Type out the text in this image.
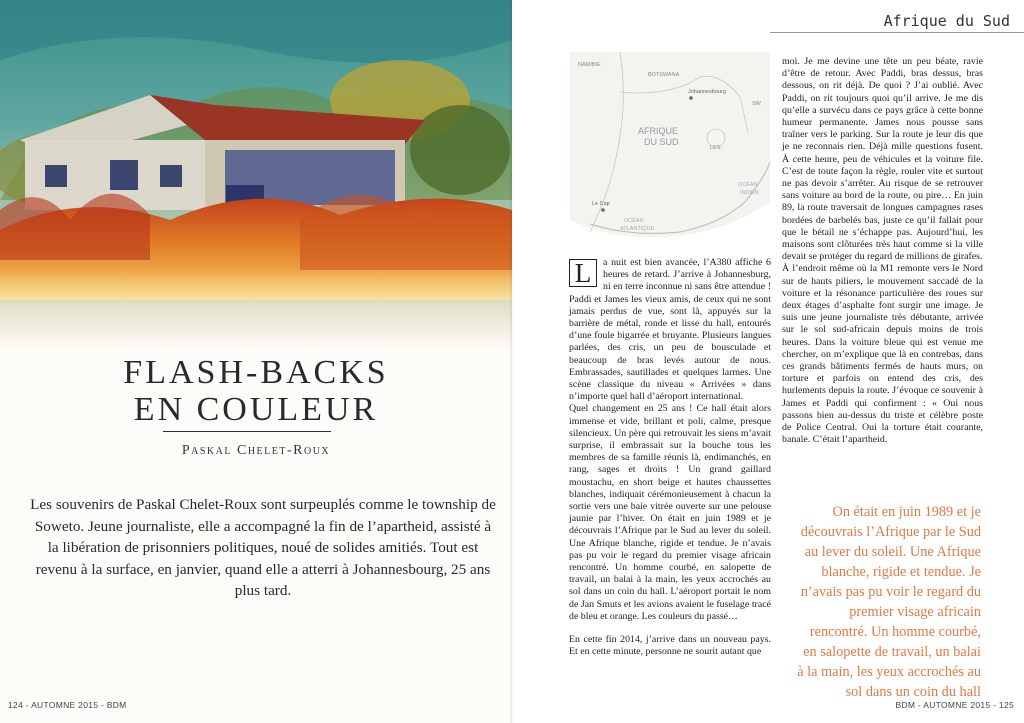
FLASH-BACKS
EN COULEUR
Paskal Chelet-Roux
Les souvenirs de Paskal Chelet-Roux sont surpeuplés comme le township de Soweto. Jeune journaliste, elle a accompagné la fin de l’apartheid, assisté à la libération de prisonniers politiques, noué de solides amitiés. Tout est revenu à la surface, en janvier, quand elle a atterri à Johannesbourg, 25 ans plus tard.
124 - AUTOMNE 2015 - BDM
Afrique du Sud
NAMIBIE
BOTSWANA
Johannesbourg
SW.
AFRIQUE
DU SUD
LES.
Le Cap
OCÉAN
ATLANTIQUE
OCÉAN
INDIEN

L	a nuit est bien avancée, l’A380 affiche 6 heures de retard. J’arrive à Johannesburg, ni en terre inconnue ni sans être attendue ! Paddi et James les vieux amis, de ceux qui ne sont jamais perdus de vue, sont là, appuyés sur la barrière de métal, ronde et lisse du hall, entourés d’une foule bigarrée et bruyante. Plusieurs langues parlées, des cris, un peu de bousculade et beaucoup de bras levés autour de nous. Embrassades, sautillades et quelques larmes. Une scène classique du niveau « Arrivées » dans n’importe quel hall d’aéroport international.

Quel changement en 25 ans ! Ce hall était alors immense et vide, brillant et poli, calme, presque silencieux. Un père qui retrouvait les siens m’avait surprise, il embrassait sur la bouche tous les membres de sa famille réunis là, endimanchés, en rang, sages et droits ! Un grand gaillard moustachu, en short beige et hautes chaussettes blanches, indiquait cérémonieusement à chacun la sortie vers une baie vitrée ouverte sur une pelouse jaunie par l’hiver. On était en juin 1989 et je découvrais l’Afrique par le Sud au lever du soleil. Une Afrique blanche, rigide et tendue. Je n’avais pas pu voir le regard du premier visage africain rencontré. Un homme courbé, en salopette de travail, un balai à la main, les yeux accrochés au sol dans un coin du hall. L’aéroport portait le nom de Jan Smuts et les avions avaient le fuselage tracé de bleu et orange. Les couleurs du passé…

En cette fin 2014, j’arrive dans un nouveau pays. Et en cette minute, personne ne sourit autant que

moi. Je me devine une tête un peu béate, ravie d’être de retour. Avec Paddi, bras dessus, bras dessous, on rit déjà. De quoi ? J’ai oublié. Avec Paddi, on rit toujours quoi qu’il arrive. Je me dis qu’elle a survécu dans ce pays grâce à cette bonne humeur permanente. James nous pousse sans traîner vers le parking. Sur la route je leur dis que je ne reconnais rien. Déjà mille questions fusent. À cette heure, peu de véhicules et la voiture file. C’est de toute façon la règle, rouler vite et surtout ne pas devoir s’arrêter. Au risque de se retrouver sans voiture au bord de la route, ou pire… En juin 89, la route traversait de longues campagnes rases bordées de barbelés bas, juste ce qu’il fallait pour que le bétail ne s’échappe pas. Aujourd’hui, les maisons sont clôturées très haut comme si la ville devait se protéger du regard de millions de girafes.

À l’endroit même où la M1 remonte vers le Nord sur de hauts piliers, le mouvement saccadé de la voiture et la résonance particulière des roues sur deux étages d’asphalte font surgir une image. Je suis une jeune journaliste très débutante, arrivée sur le sol sud-africain depuis moins de trois heures. Dans la voiture bleue qui est venue me chercher, on m’explique que là en contrebas, dans ces grands bâtiments fermés de hauts murs, on torture et parfois on entend des cris, des hurlements depuis la route. J’évoque ce souvenir à James et Paddi qui confirment : « Oui nous passons bien au-dessus du triste et célèbre poste de Police Central. Oui la torture était courante, banale. C’était l’apartheid.

On était en juin 1989 et je découvrais l’Afrique par le Sud au lever du soleil. Une Afrique blanche, rigide et tendue. Je n’avais pas pu voir le regard du premier visage africain rencontré. Un homme courbé, en salopette de travail, un balai à la main, les yeux accrochés au sol dans un coin du hall
BDM - AUTOMNE 2015 - 125
